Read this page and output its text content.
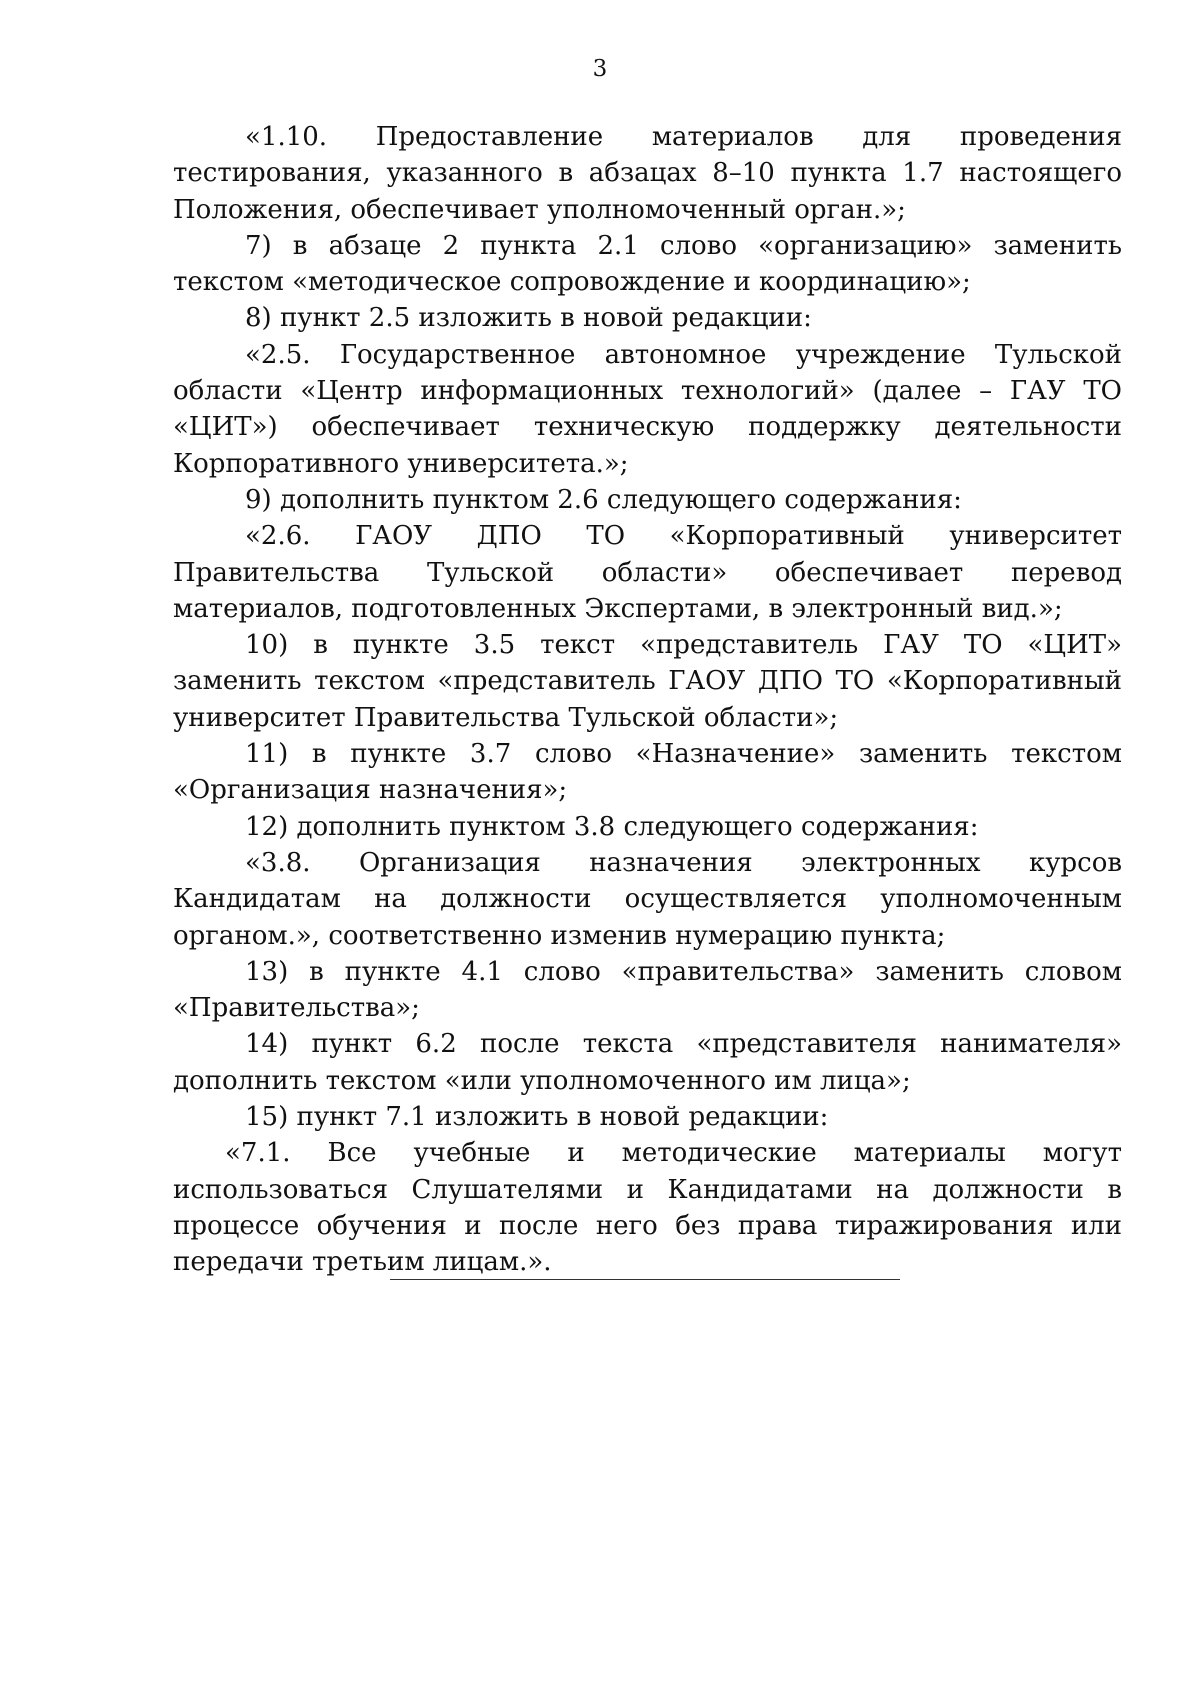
3

«1.10. Предоставление материалов для проведения тестирования, указанного в абзацах 8–10 пункта 1.7 настоящего Положения, обеспечивает уполномоченный орган.»;

7) в абзаце 2 пункта 2.1 слово «организацию» заменить текстом «методическое сопровождение и координацию»;

8) пункт 2.5 изложить в новой редакции:

«2.5. Государственное автономное учреждение Тульской области «Центр информационных технологий» (далее – ГАУ ТО «ЦИТ») обеспечивает техническую поддержку деятельности Корпоративного университета.»;

9) дополнить пунктом 2.6 следующего содержания:

«2.6. ГАОУ ДПО ТО «Корпоративный университет Правительства Тульской области» обеспечивает перевод материалов, подготовленных Экспертами, в электронный вид.»;

10) в пункте 3.5 текст «представитель ГАУ ТО «ЦИТ» заменить текстом «представитель ГАОУ ДПО ТО «Корпоративный университет Правительства Тульской области»;

11) в пункте 3.7 слово «Назначение» заменить текстом «Организация назначения»;

12) дополнить пунктом 3.8 следующего содержания:

«3.8. Организация назначения электронных курсов Кандидатам на должности осуществляется уполномоченным органом.», соответственно изменив нумерацию пункта;

13) в пункте 4.1 слово «правительства» заменить словом «Правительства»;

14) пункт 6.2 после текста «представителя нанимателя» дополнить текстом «или уполномоченного им лица»;

15) пункт 7.1 изложить в новой редакции:

«7.1. Все учебные и методические материалы могут использоваться Слушателями и Кандидатами на должности в процессе обучения и после него без права тиражирования или передачи третьим лицам.».
